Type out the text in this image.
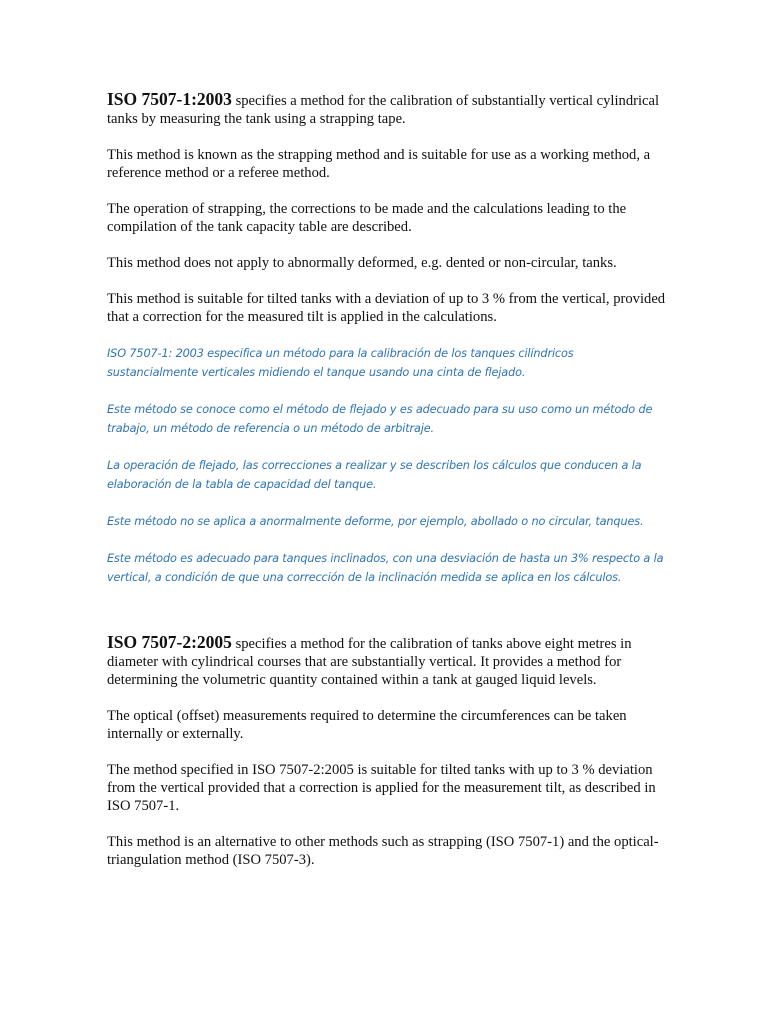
ISO 7507-1:2003 specifies a method for the calibration of substantially vertical cylindrical tanks by measuring the tank using a strapping tape.

This method is known as the strapping method and is suitable for use as a working method, a reference method or a referee method.

The operation of strapping, the corrections to be made and the calculations leading to the compilation of the tank capacity table are described.

This method does not apply to abnormally deformed, e.g. dented or non-circular, tanks.

This method is suitable for tilted tanks with a deviation of up to 3 % from the vertical, provided that a correction for the measured tilt is applied in the calculations.

ISO 7507-1: 2003 especifica un método para la calibración de los tanques cilíndricos sustancialmente verticales midiendo el tanque usando una cinta de flejado.

Este método se conoce como el método de flejado y es adecuado para su uso como un método de trabajo, un método de referencia o un método de arbitraje.

La operación de flejado, las correcciones a realizar y se describen los cálculos que conducen a la elaboración de la tabla de capacidad del tanque.

Este método no se aplica a anormalmente deforme, por ejemplo, abollado o no circular, tanques.

Este método es adecuado para tanques inclinados, con una desviación de hasta un 3% respecto a la vertical, a condición de que una corrección de la inclinación medida se aplica en los cálculos.

ISO 7507-2:2005 specifies a method for the calibration of tanks above eight metres in diameter with cylindrical courses that are substantially vertical. It provides a method for determining the volumetric quantity contained within a tank at gauged liquid levels.

The optical (offset) measurements required to determine the circumferences can be taken internally or externally.

The method specified in ISO 7507-2:2005 is suitable for tilted tanks with up to 3 % deviation from the vertical provided that a correction is applied for the measurement tilt, as described in ISO 7507-1.

This method is an alternative to other methods such as strapping (ISO 7507-1) and the optical-triangulation method (ISO 7507-3).
